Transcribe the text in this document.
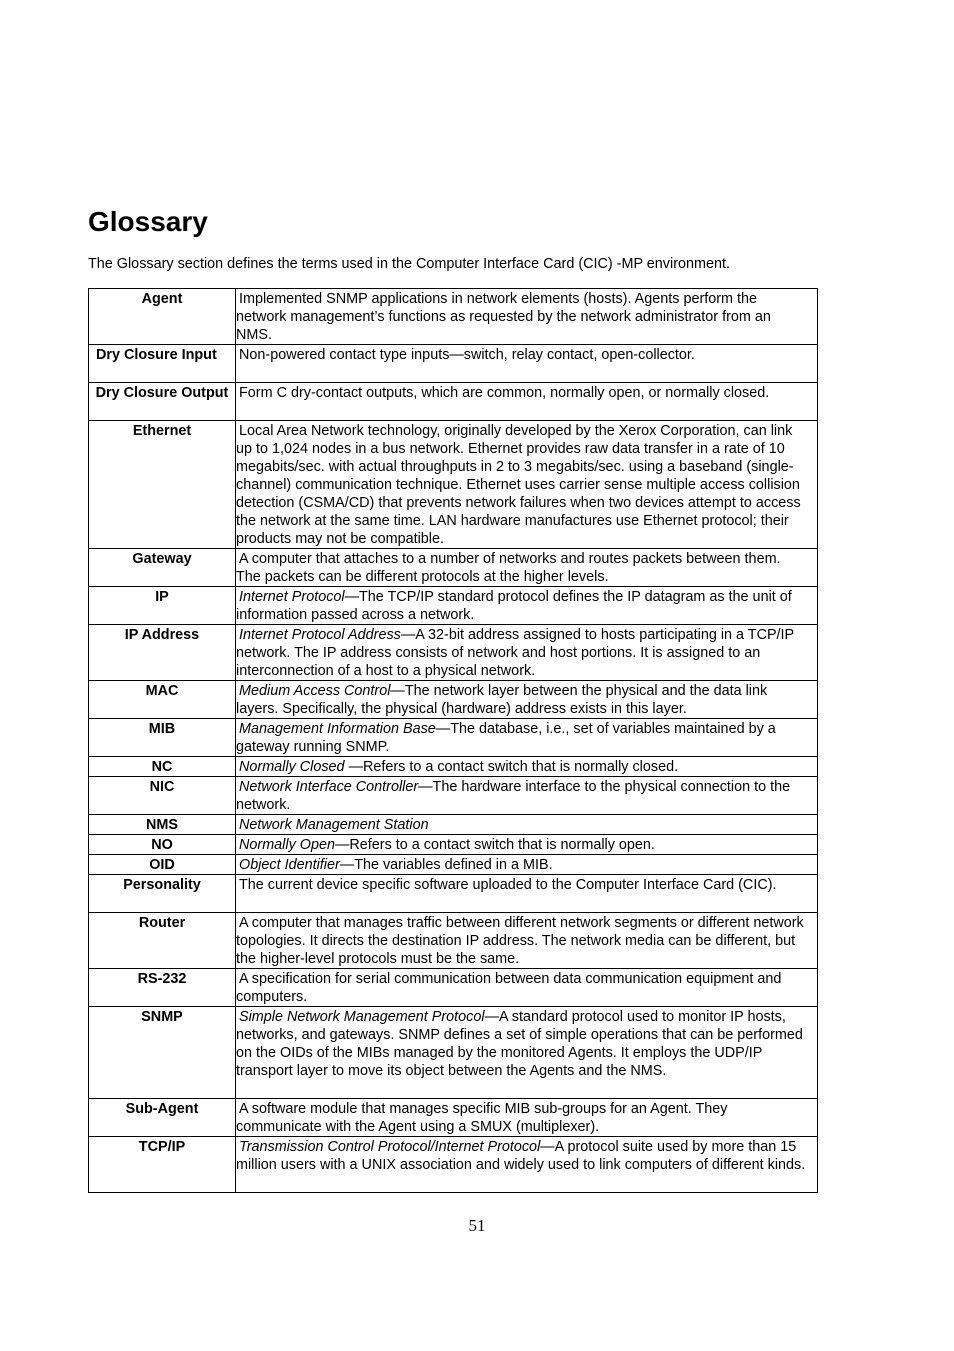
Glossary

The Glossary section defines the terms used in the Computer Interface Card (CIC) -MP environment.

Agent	Implemented SNMP applications in network elements (hosts). Agents perform the network management’s functions as requested by the network administrator from an NMS.

Dry Closure Input	Non-powered contact type inputs—switch, relay contact, open-collector.

Dry Closure Output	Form C dry-contact outputs, which are common, normally open, or normally closed.

Ethernet	Local Area Network technology, originally developed by the Xerox Corporation, can link up to 1,024 nodes in a bus network. Ethernet provides raw data transfer in a rate of 10 megabits/sec. with actual throughputs in 2 to 3 megabits/sec. using a baseband (single-channel) communication technique. Ethernet uses carrier sense multiple access collision detection (CSMA/CD) that prevents network failures when two devices attempt to access the network at the same time. LAN hardware manufactures use Ethernet protocol; their products may not be compatible.

Gateway	A computer that attaches to a number of networks and routes packets between them. The packets can be different protocols at the higher levels.

IP	Internet Protocol—The TCP/IP standard protocol defines the IP datagram as the unit of information passed across a network.

IP Address	Internet Protocol Address—A 32-bit address assigned to hosts participating in a TCP/IP network. The IP address consists of network and host portions. It is assigned to an interconnection of a host to a physical network.

MAC	Medium Access Control—The network layer between the physical and the data link layers. Specifically, the physical (hardware) address exists in this layer.

MIB	Management Information Base—The database, i.e., set of variables maintained by a gateway running SNMP.

NC	Normally Closed —Refers to a contact switch that is normally closed.

NIC	Network Interface Controller—The hardware interface to the physical connection to the network.

NMS	Network Management Station

NO	Normally Open—Refers to a contact switch that is normally open.

OID	Object Identifier—The variables defined in a MIB.

Personality	The current device specific software uploaded to the Computer Interface Card (CIC).

Router	A computer that manages traffic between different network segments or different network topologies. It directs the destination IP address. The network media can be different, but the higher-level protocols must be the same.

RS-232	A specification for serial communication between data communication equipment and computers.

SNMP	Simple Network Management Protocol—A standard protocol used to monitor IP hosts, networks, and gateways. SNMP defines a set of simple operations that can be performed on the OIDs of the MIBs managed by the monitored Agents. It employs the UDP/IP transport layer to move its object between the Agents and the NMS.

Sub-Agent	A software module that manages specific MIB sub-groups for an Agent. They communicate with the Agent using a SMUX (multiplexer).

TCP/IP	Transmission Control Protocol/Internet Protocol—A protocol suite used by more than 15 million users with a UNIX association and widely used to link computers of different kinds.
51
